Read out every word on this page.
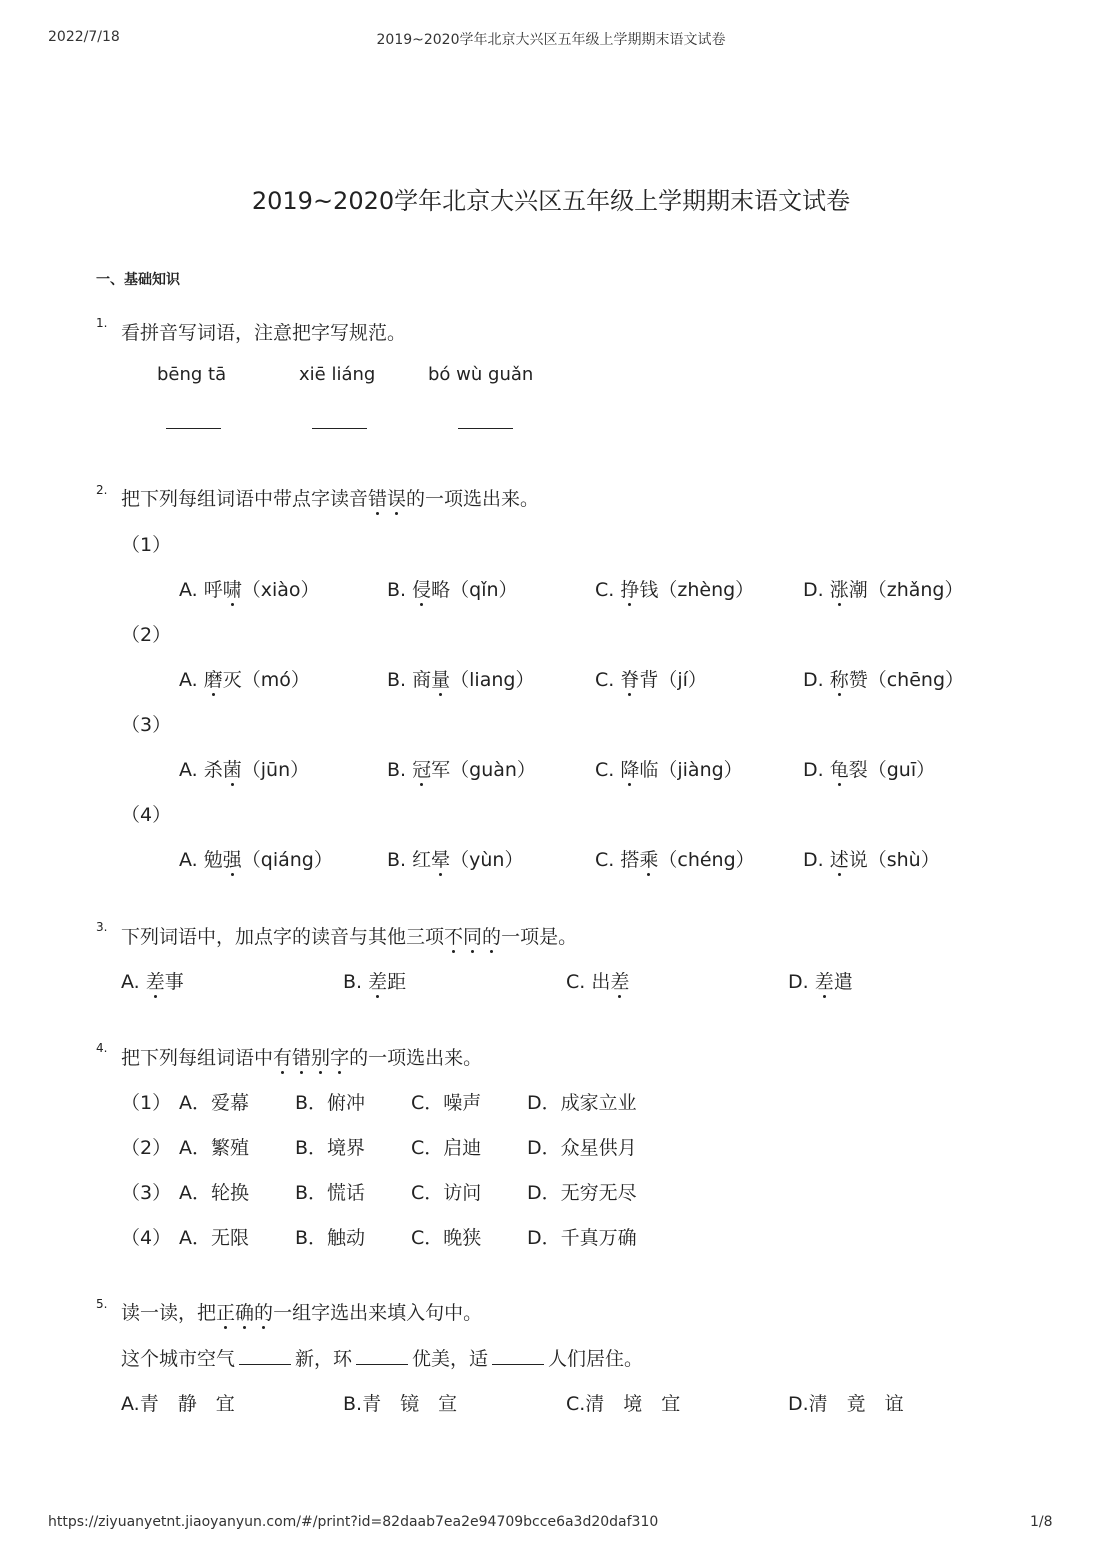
2022/7/18	2019~2020学年北京大兴区五年级上学期期末语文试卷
2019~2020学年北京大兴区五年级上学期期末语文试卷
一、基础知识
1. 看拼音写词语，注意把字写规范。
bēng tā	xiē liáng	bó wù guǎn
2. 把下列每组词语中带点字读音错误的一项选出来。
（1）
A. 呼啸（xiào）	B. 侵略（qǐn）	C. 挣钱（zhèng）	D. 涨潮（zhǎng）
（2）
A. 磨灭（mó）	B. 商量（liang）	C. 脊背（jí）	D. 称赞（chēng）
（3）
A. 杀菌（jūn）	B. 冠军（guàn）	C. 降临（jiàng）	D. 龟裂（guī）
（4）
A. 勉强（qiáng）	B. 红晕（yùn）	C. 搭乘（chéng）	D. 述说（shù）
3. 下列词语中，加点字的读音与其他三项不同的一项是。
A. 差事	B. 差距	C. 出差	D. 差遣
4. 把下列每组词语中有错别字的一项选出来。
（1） A．爱幕 B．俯冲 C．噪声 D．成家立业
（2） A．繁殖 B．境界 C．启迪 D．众星供月
（3） A．轮换 B．慌话 C．访问 D．无穷无尽
（4） A．无限 B．触动 C．晚狭 D．千真万确
5. 读一读，把正确的一组字选出来填入句中。
这个城市空气	新，环	优美，适	人们居住。
A.青　静　宜	B.青　镜　宣	C.清　境　宜	D.清　竟　谊
https://ziyuanyetnt.jiaoyanyun.com/#/print?id=82daab7ea2e94709bcce6a3d20daf310	1/8
